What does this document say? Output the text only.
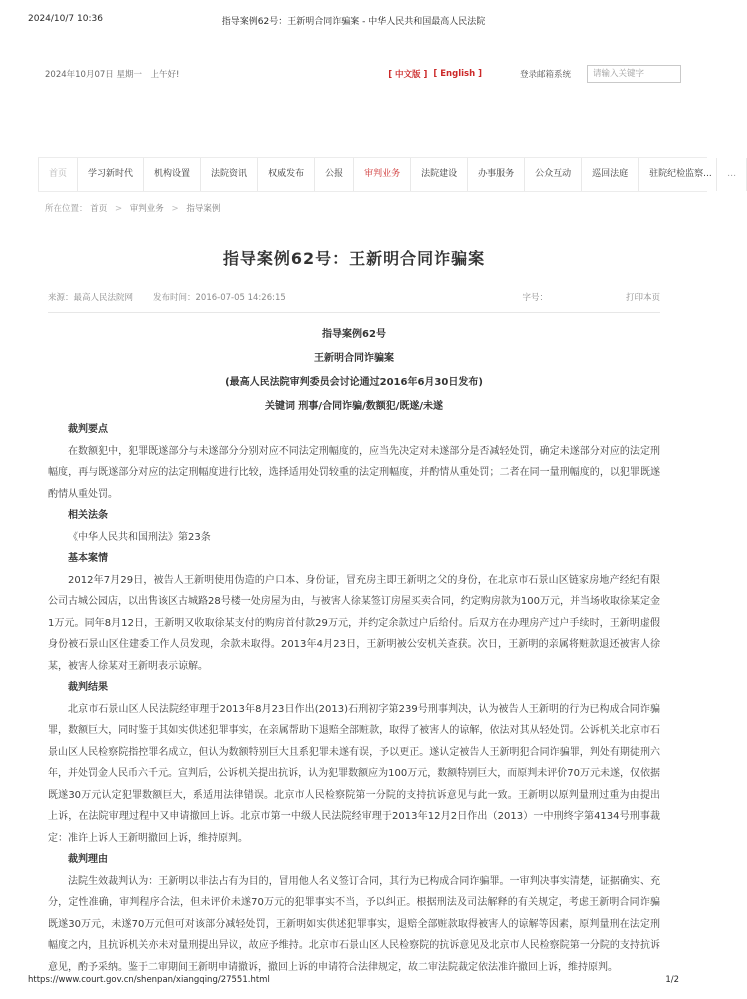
2024/10/7 10:36	指导案例62号：王新明合同诈骗案 - 中华人民共和国最高人民法院
2024年10月07日 星期一　上午好!	[ 中文版 ] [ English ]	登录邮箱系统
请输入关键字
首页	学习新时代	机构设置	法院资讯	权威发布	公报	审判业务	法院建设	办事服务	公众互动	巡回法庭	驻院纪检监察...	…
所在位置： 首页 > 审判业务 > 指导案例
指导案例62号：王新明合同诈骗案
来源：最高人民法院网 发布时间：2016-07-05 14:26:15	字号：	打印本页

指导案例62号

王新明合同诈骗案

(最高人民法院审判委员会讨论通过2016年6月30日发布)

关键词 刑事/合同诈骗/数额犯/既遂/未遂

裁判要点

在数额犯中，犯罪既遂部分与未遂部分分别对应不同法定刑幅度的，应当先决定对未遂部分是否减轻处罚，确定未遂部分对应的法定刑幅度，再与既遂部分对应的法定刑幅度进行比较，选择适用处罚较重的法定刑幅度，并酌情从重处罚；二者在同一量刑幅度的，以犯罪既遂酌情从重处罚。

相关法条

《中华人民共和国刑法》第23条

基本案情

2012年7月29日，被告人王新明使用伪造的户口本、身份证，冒充房主即王新明之父的身份，在北京市石景山区链家房地产经纪有限公司古城公园店，以出售该区古城路28号楼一处房屋为由，与被害人徐某签订房屋买卖合同，约定购房款为100万元，并当场收取徐某定金1万元。同年8月12日，王新明又收取徐某支付的购房首付款29万元，并约定余款过户后给付。后双方在办理房产过户手续时，王新明虚假身份被石景山区住建委工作人员发现，余款未取得。2013年4月23日，王新明被公安机关查获。次日，王新明的亲属将赃款退还被害人徐某，被害人徐某对王新明表示谅解。

裁判结果

北京市石景山区人民法院经审理于2013年8月23日作出(2013)石刑初字第239号刑事判决，认为被告人王新明的行为已构成合同诈骗罪，数额巨大，同时鉴于其如实供述犯罪事实，在亲属帮助下退赔全部赃款，取得了被害人的谅解，依法对其从轻处罚。公诉机关北京市石景山区人民检察院指控罪名成立，但认为数额特别巨大且系犯罪未遂有误，予以更正。遂认定被告人王新明犯合同诈骗罪，判处有期徒刑六年，并处罚金人民币六千元。宣判后，公诉机关提出抗诉，认为犯罪数额应为100万元，数额特别巨大，而原判未评价70万元未遂，仅依据既遂30万元认定犯罪数额巨大，系适用法律错误。北京市人民检察院第一分院的支持抗诉意见与此一致。王新明以原判量刑过重为由提出上诉，在法院审理过程中又申请撤回上诉。北京市第一中级人民法院经审理于2013年12月2日作出（2013）一中刑终字第4134号刑事裁定：准许上诉人王新明撤回上诉，维持原判。

裁判理由

法院生效裁判认为：王新明以非法占有为目的，冒用他人名义签订合同，其行为已构成合同诈骗罪。一审判决事实清楚，证据确实、充分，定性准确，审判程序合法，但未评价未遂70万元的犯罪事实不当，予以纠正。根据刑法及司法解释的有关规定，考虑王新明合同诈骗既遂30万元，未遂70万元但可对该部分减轻处罚，王新明如实供述犯罪事实，退赔全部赃款取得被害人的谅解等因素，原判量刑在法定刑幅度之内，且抗诉机关亦未对量刑提出异议，故应予维持。北京市石景山区人民检察院的抗诉意见及北京市人民检察院第一分院的支持抗诉意见，酌予采纳。鉴于二审期间王新明申请撤诉，撤回上诉的申请符合法律规定，故二审法院裁定依法准许撤回上诉，维持原判。

https://www.court.gov.cn/shenpan/xiangqing/27551.html	1/2
